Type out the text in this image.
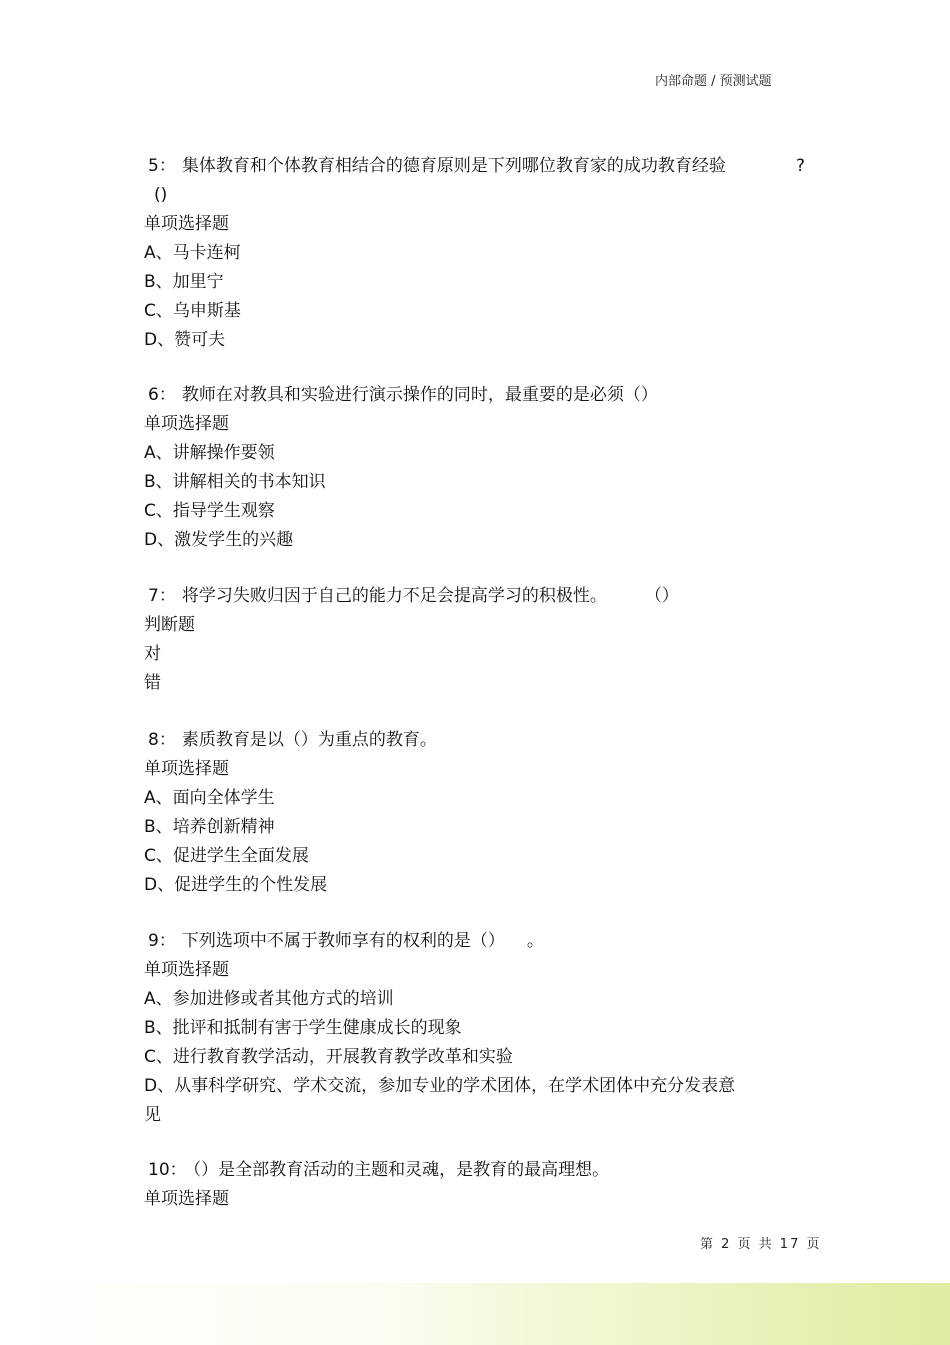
内部命题 / 预测试题
5： 集体教育和个体教育相结合的德育原则是下列哪位教育家的成功教育经验	?
()
单项选择题
A、马卡连柯
B、加里宁
C、乌申斯基
D、赞可夫
6： 教师在对教具和实验进行演示操作的同时，最重要的是必须（）
单项选择题
A、讲解操作要领
B、讲解相关的书本知识
C、指导学生观察
D、激发学生的兴趣
7： 将学习失败归因于自己的能力不足会提高学习的积极性。 （）
判断题
对
错
8： 素质教育是以（）为重点的教育。
单项选择题
A、面向全体学生
B、培养创新精神
C、促进学生全面发展
D、促进学生的个性发展
9： 下列选项中不属于教师享有的权利的是（） 。
单项选择题
A、参加进修或者其他方式的培训
B、批评和抵制有害于学生健康成长的现象
C、进行教育教学活动，开展教育教学改革和实验
D、从事科学研究、学术交流，参加专业的学术团体，在学术团体中充分发表意
见
10： （）是全部教育活动的主题和灵魂，是教育的最高理想。
单项选择题
第 2 页 共 17 页
